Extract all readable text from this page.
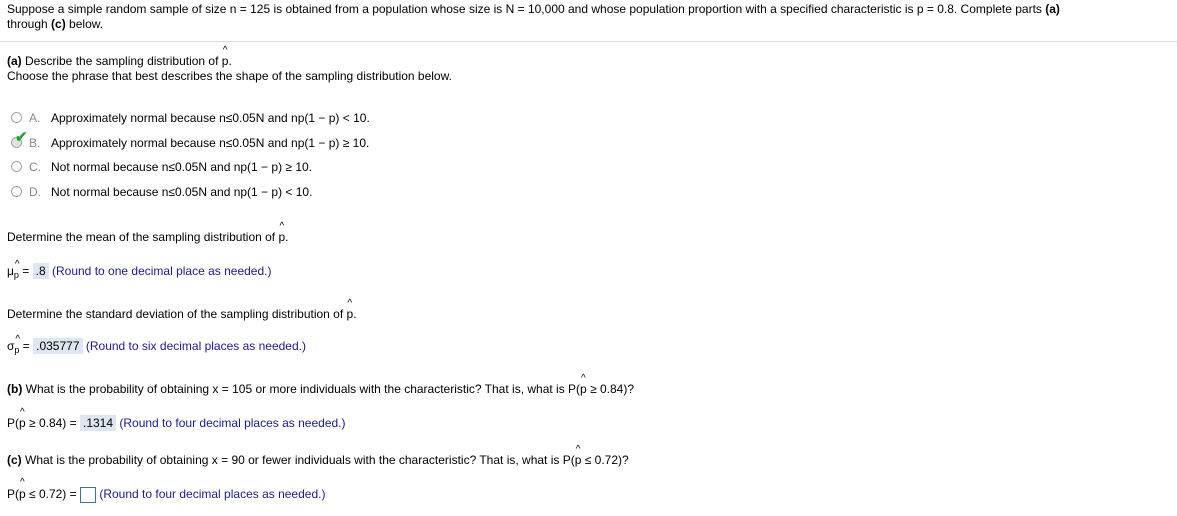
Suppose a simple random sample of size n = 125 is obtained from a population whose size is N = 10,000 and whose population proportion with a specified characteristic is p = 0.8. Complete parts (a)
through (c) below.
(a) Describe the sampling distribution of ^ p.
Choose the phrase that best describes the shape of the sampling distribution below.
A. Approximately normal because n≤0.05N and np(1 − p) < 10.
✔ B. Approximately normal because n≤0.05N and np(1 − p) ≥ 10.
C. Not normal because n≤0.05N and np(1 − p) ≥ 10.
D. Not normal because n≤0.05N and np(1 − p) < 10.
Determine the mean of the sampling distribution of ^ p.
μ^ $_p$ = .8 (Round to one decimal place as needed.)
Determine the standard deviation of the sampling distribution of ^ p.
σ^ $_p$ = .035777 (Round to six decimal places as needed.)
(b) What is the probability of obtaining x = 105 or more individuals with the characteristic? That is, what is P(^ p ≥ 0.84)?
P(^ p ≥ 0.84) = .1314 (Round to four decimal places as needed.)
(c) What is the probability of obtaining x = 90 or fewer individuals with the characteristic? That is, what is P(^ p ≤ 0.72)?
P(^ p ≤ 0.72) = (Round to four decimal places as needed.)
